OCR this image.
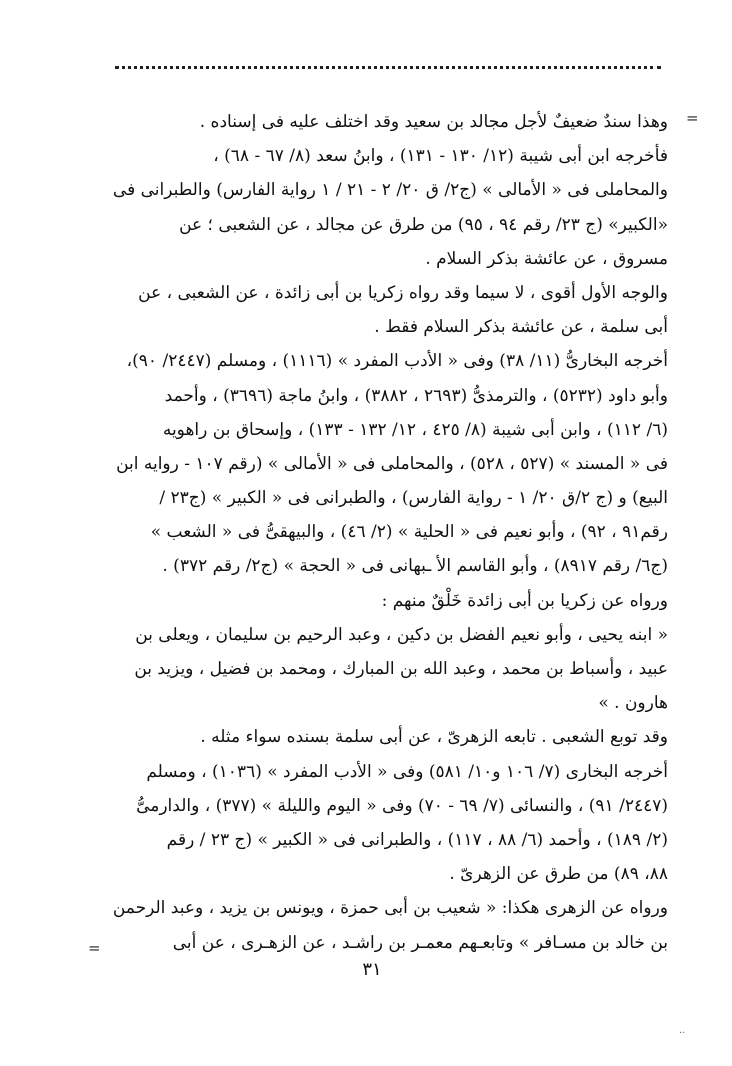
=
وهذا سندٌ ضعيفٌ لأجل مجالد بن سعيد وقد اختلف عليه فى إسناده .
فأخرجه ابن أبى شيبة (١٢/ ١٣٠ - ١٣١) ، وابنُ سعد (٨/ ٦٧ - ٦٨) ،
والمحاملى فى « الأمالى » (ج٢/ ق ٢٠/ ٢ - ٢١ / ١ رواية الفارس) والطبرانى فى
«الكبير» (ج ٢٣/ رقم ٩٤ ، ٩٥) من طرق عن مجالد ، عن الشعبى ؛ عن
مسروق ، عن عائشة بذكر السلام .
والوجه الأول أقوى ، لا سيما وقد رواه زكريا بن أبى زائدة ، عن الشعبى ، عن
أبى سلمة ، عن عائشة بذكر السلام فقط .
أخرجه البخارىُّ (١١/ ٣٨) وفى « الأدب المفرد » (١١١٦) ، ومسلم (٢٤٤٧/ ٩٠)،
وأبو داود (٥٢٣٢) ، والترمذىُّ (٢٦٩٣ ، ٣٨٨٢) ، وابنُ ماجة (٣٦٩٦) ، وأحمد
(٦/ ١١٢) ، وابن أبى شيبة (٨/ ٤٢٥ ، ١٢/ ١٣٢ - ١٣٣) ، وإسحاق بن راهويه
فى « المسند » (٥٢٧ ، ٥٢٨) ، والمحاملى فى « الأمالى » (رقم ١٠٧ - روايه ابن
البيع) و (ج ٢/ق ٢٠/ ١ - رواية الفارس) ، والطبرانى فى « الكبير » (ج٢٣ /
رقم٩١ ، ٩٢) ، وأبو نعيم فى « الحلية » (٢/ ٤٦) ، والبيهقىُّ فى « الشعب »
(ج٦/ رقم ٨٩١٧) ، وأبو القاسم الأ ـبهانى فى « الحجة » (ج٢/ رقم ٣٧٢) .
ورواه عن زكريا بن أبى زائدة خَلْقٌ منهم :
« ابنه يحيى ، وأبو نعيم الفضل بن دكين ، وعبد الرحيم بن سليمان ، ويعلى بن
عبيد ، وأسباط بن محمد ، وعبد الله بن المبارك ، ومحمد بن فضيل ، ويزيد بن
هارون . »
وقد توبع الشعبى . تابعه الزهرىّ ، عن أبى سلمة بسنده سواء مثله .
أخرجه البخارى (٧/ ١٠٦ و١٠/ ٥٨١) وفى « الأدب المفرد » (١٠٣٦) ، ومسلم
(٢٤٤٧/ ٩١) ، والنسائى (٧/ ٦٩ - ٧٠) وفى « اليوم والليلة » (٣٧٧) ، والدارمىُّ
(٢/ ١٨٩) ، وأحمد (٦/ ٨٨ ، ١١٧) ، والطبرانى فى « الكبير » (ج ٢٣ / رقم
٨٨، ٨٩) من طرق عن الزهرىّ .
ورواه عن الزهرى هكذا: « شعيب بن أبى حمزة ، ويونس بن يزيد ، وعبد الرحمن
بن خالد بن مسـافر » وتابعـهم معمـر بن راشـد ، عن الزهـرى ، عن أبى
=
٣١
..
